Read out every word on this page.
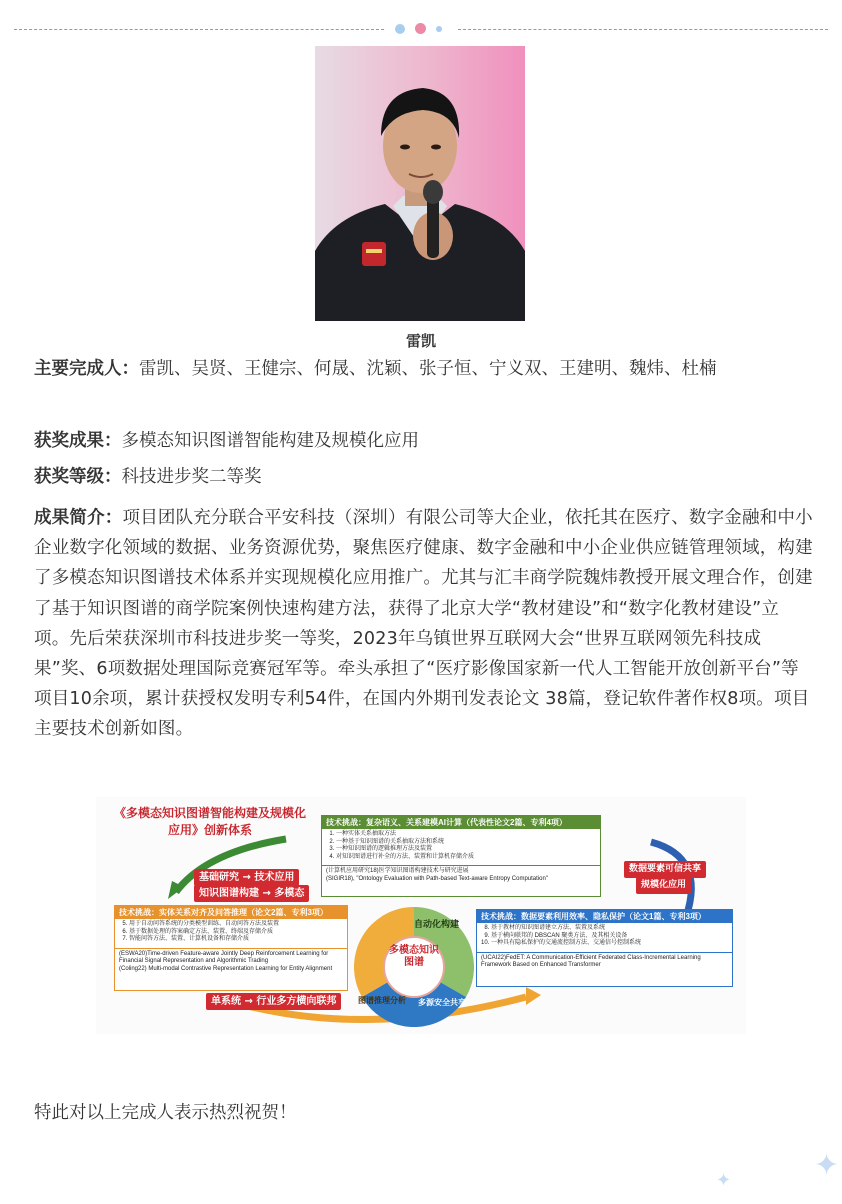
雷凯
主要完成人：雷凯、吴贤、王健宗、何晟、沈颖、张子恒、宁义双、王建明、魏炜、杜楠
获奖成果：多模态知识图谱智能构建及规模化应用
获奖等级：科技进步奖二等奖
成果简介：项目团队充分联合平安科技（深圳）有限公司等大企业，依托其在医疗、数字金融和中小企业数字化领域的数据、业务资源优势，聚焦医疗健康、数字金融和中小企业供应链管理领域，构建了多模态知识图谱技术体系并实现规模化应用推广。尤其与汇丰商学院魏炜教授开展文理合作，创建了基于知识图谱的商学院案例快速构建方法，获得了北京大学“教材建设”和“数字化教材建设”立项。先后荣获深圳市科技进步奖一等奖，2023年乌镇世界互联网大会“世界互联网领先科技成果”奖、6项数据处理国际竞赛冠军等。牵头承担了“医疗影像国家新一代人工智能开放创新平台”等项目10余项，累计获授权发明专利54件，在国内外期刊发表论文 38篇，登记软件著作权8项。项目主要技术创新如图。
《多模态知识图谱智能构建及规模化应用》创新体系
基础研究 → 技术应用
知识图谱构建 → 多模态
数据要素可信共享
规模化应用
单系统 → 行业多方横向联邦
技术挑战：复杂语义、关系建模AI计算（代表性论文2篇、专利4项）
1. 一种实体关系抽取方法
2. 一种基于知识图谱的关系抽取方法和系统
3. 一种知识图谱的逻辑推理方法及装置
4. 对知识图谱进行补全的方法、装置和计算机存储介质
(计算机应用研究18)医学知识图谱构建技术与研究进展
(SIGIR18), "Ontology Evaluation with Path-based Text-aware Entropy Computation"
技术挑战：实体关系对齐及问答推理（论文2篇、专利3项）
5. 用于自动问答系统的分类模型训练、自动问答方法及装置
6. 基于数据处理的答案确定方法、装置、终端及存储介质
7. 智能问答方法、装置、计算机设备和存储介质
(ESWA20)Time-driven Feature-aware Jointly Deep Reinforcement Learning for Financial Signal Representation and Algorithmic Trading
(Coling22) Multi-modal Contrastive Representation Learning for Entity Alignment
技术挑战：数据要素利用效率、隐私保护（论文1篇、专利3项）
8. 基于教材的知识图谱建立方法、装置及系统
9. 基于横向联邦的 DBSCAN 聚类方法、及其相关设备
10. 一种具有隐私保护的交通流控制方法、交通信号控制系统
(UCAI22)FedET: A Communication-Efficient Federated Class-Incremental Learning Framework Based on Enhanced Transformer
多模态知识图谱
自动化构建
图谱推理分析 多源安全共享
特此对以上完成人表示热烈祝贺！
✦	✦
